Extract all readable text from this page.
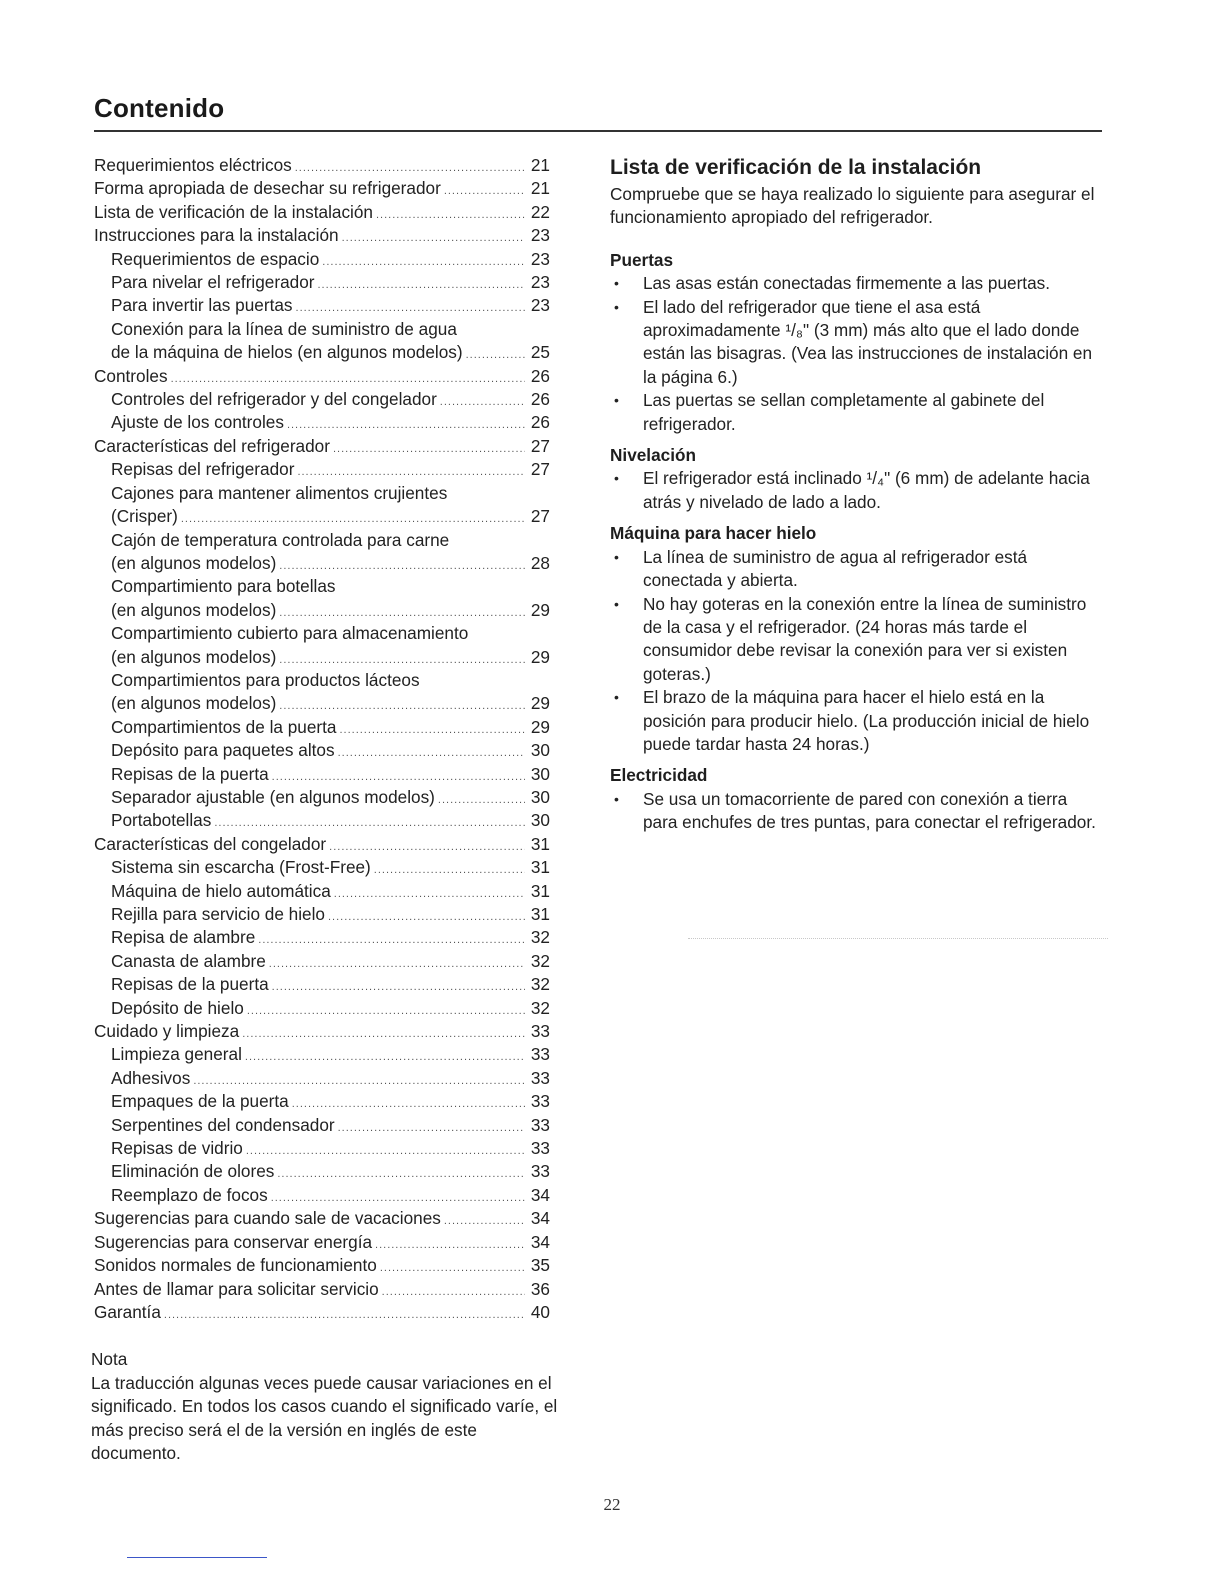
Contenido
Requerimientos eléctricos .....	21
Forma apropiada de desechar su refrigerador .....	21
Lista de verificación de la instalación .....	22
Instrucciones para la instalación .....	23
Requerimientos de espacio .....	23
Para nivelar el refrigerador .....	23
Para invertir las puertas .....	23
Conexión para la línea de suministro de agua
de la máquina de hielos (en algunos modelos) .....	25
Controles .....	26
Controles del refrigerador y del congelador .....	26
Ajuste de los controles .....	26
Características del refrigerador .....	27
Repisas del refrigerador .....	27
Cajones para mantener alimentos crujientes
(Crisper) .....	27
Cajón de temperatura controlada para carne
(en algunos modelos) .....	28
Compartimiento para botellas
(en algunos modelos) .....	29
Compartimiento cubierto para almacenamiento
(en algunos modelos) .....	29
Compartimientos para productos lácteos
(en algunos modelos) .....	29
Compartimientos de la puerta .....	29
Depósito para paquetes altos .....	30
Repisas de la puerta .....	30
Separador ajustable (en algunos modelos) .....	30
Portabotellas .....	30
Características del congelador .....	31
Sistema sin escarcha (Frost-Free) .....	31
Máquina de hielo automática .....	31
Rejilla para servicio de hielo .....	31
Repisa de alambre .....	32
Canasta de alambre .....	32
Repisas de la puerta .....	32
Depósito de hielo .....	32
Cuidado y limpieza .....	33
Limpieza general .....	33
Adhesivos .....	33
Empaques de la puerta .....	33
Serpentines del condensador .....	33
Repisas de vidrio .....	33
Eliminación de olores .....	33
Reemplazo de focos .....	34
Sugerencias para cuando sale de vacaciones .....	34
Sugerencias para conservar energía .....	34
Sonidos normales de funcionamiento .....	35
Antes de llamar para solicitar servicio .....	36
Garantía .....	40

Nota

La traducción algunas veces puede causar variaciones en el significado. En todos los casos cuando el significado varíe, el más preciso será el de la versión en inglés de este documento.

Lista de verificación de la instalación

Compruebe que se haya realizado lo siguiente para asegurar el funcionamiento apropiado del refrigerador.

Puertas
• Las asas están conectadas firmemente a las puertas.
• El lado del refrigerador que tiene el asa está aproximadamente ¹/₈" (3 mm) más alto que el lado donde están las bisagras. (Vea las instrucciones de instalación en la página 6.)
• Las puertas se sellan completamente al gabinete del refrigerador.
Nivelación
• El refrigerador está inclinado ¹/₄" (6 mm) de adelante hacia atrás y nivelado de lado a lado.
Máquina para hacer hielo
• La línea de suministro de agua al refrigerador está conectada y abierta.
• No hay goteras en la conexión entre la línea de suministro de la casa y el refrigerador. (24 horas más tarde el consumidor debe revisar la conexión para ver si existen goteras.)
• El brazo de la máquina para hacer el hielo está en la posición para producir hielo. (La producción inicial de hielo puede tardar hasta 24 horas.)
Electricidad
• Se usa un tomacorriente de pared con conexión a tierra para enchufes de tres puntas, para conectar el refrigerador.
22
